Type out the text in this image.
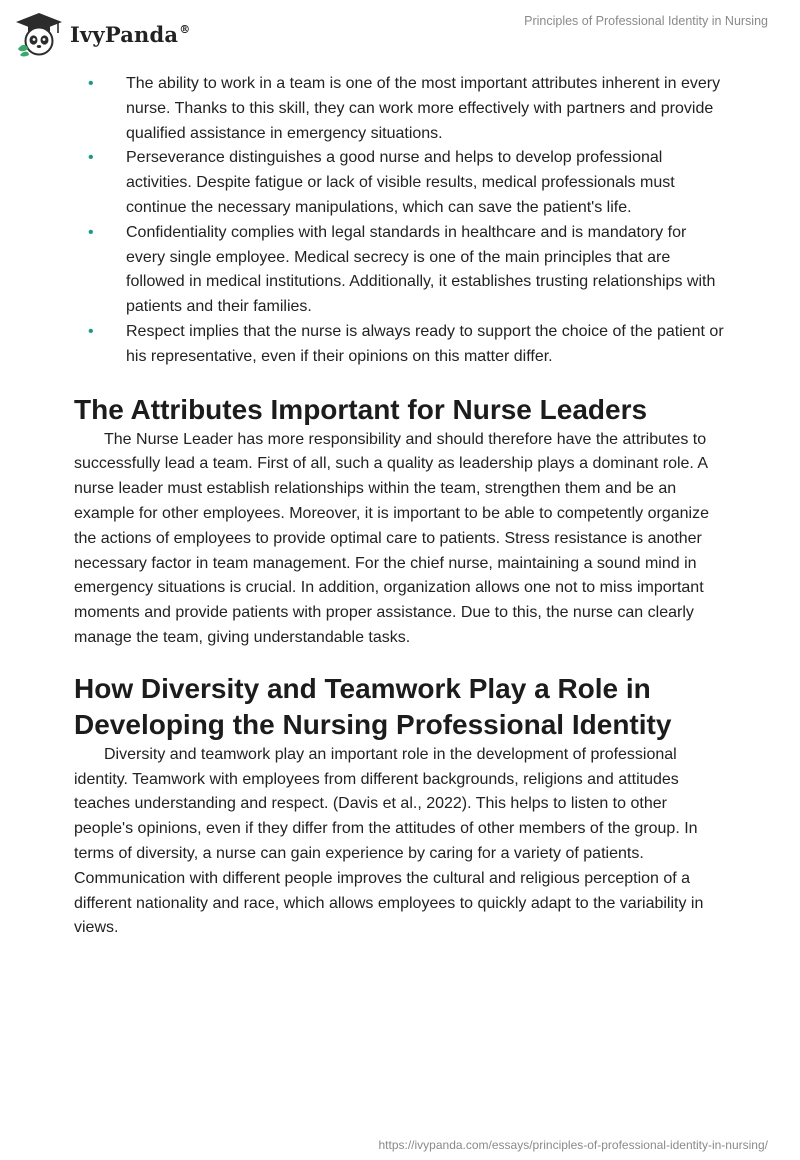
IvyPanda®
Principles of Professional Identity in Nursing
• The ability to work in a team is one of the most important attributes inherent in every nurse. Thanks to this skill, they can work more effectively with partners and provide qualified assistance in emergency situations.
• Perseverance distinguishes a good nurse and helps to develop professional activities. Despite fatigue or lack of visible results, medical professionals must continue the necessary manipulations, which can save the patient's life.
• Confidentiality complies with legal standards in healthcare and is mandatory for every single employee. Medical secrecy is one of the main principles that are followed in medical institutions. Additionally, it establishes trusting relationships with patients and their families.
• Respect implies that the nurse is always ready to support the choice of the patient or his representative, even if their opinions on this matter differ.
The Attributes Important for Nurse Leaders

The Nurse Leader has more responsibility and should therefore have the attributes to successfully lead a team. First of all, such a quality as leadership plays a dominant role. A nurse leader must establish relationships within the team, strengthen them and be an example for other employees. Moreover, it is important to be able to competently organize the actions of employees to provide optimal care to patients. Stress resistance is another necessary factor in team management. For the chief nurse, maintaining a sound mind in emergency situations is crucial. In addition, organization allows one not to miss important moments and provide patients with proper assistance. Due to this, the nurse can clearly manage the team, giving understandable tasks.

How Diversity and Teamwork Play a Role in Developing the Nursing Professional Identity

Diversity and teamwork play an important role in the development of professional identity. Teamwork with employees from different backgrounds, religions and attitudes teaches understanding and respect. (Davis et al., 2022). This helps to listen to other people's opinions, even if they differ from the attitudes of other members of the group. In terms of diversity, a nurse can gain experience by caring for a variety of patients. Communication with different people improves the cultural and religious perception of a different nationality and race, which allows employees to quickly adapt to the variability in views.

https://ivypanda.com/essays/principles-of-professional-identity-in-nursing/
